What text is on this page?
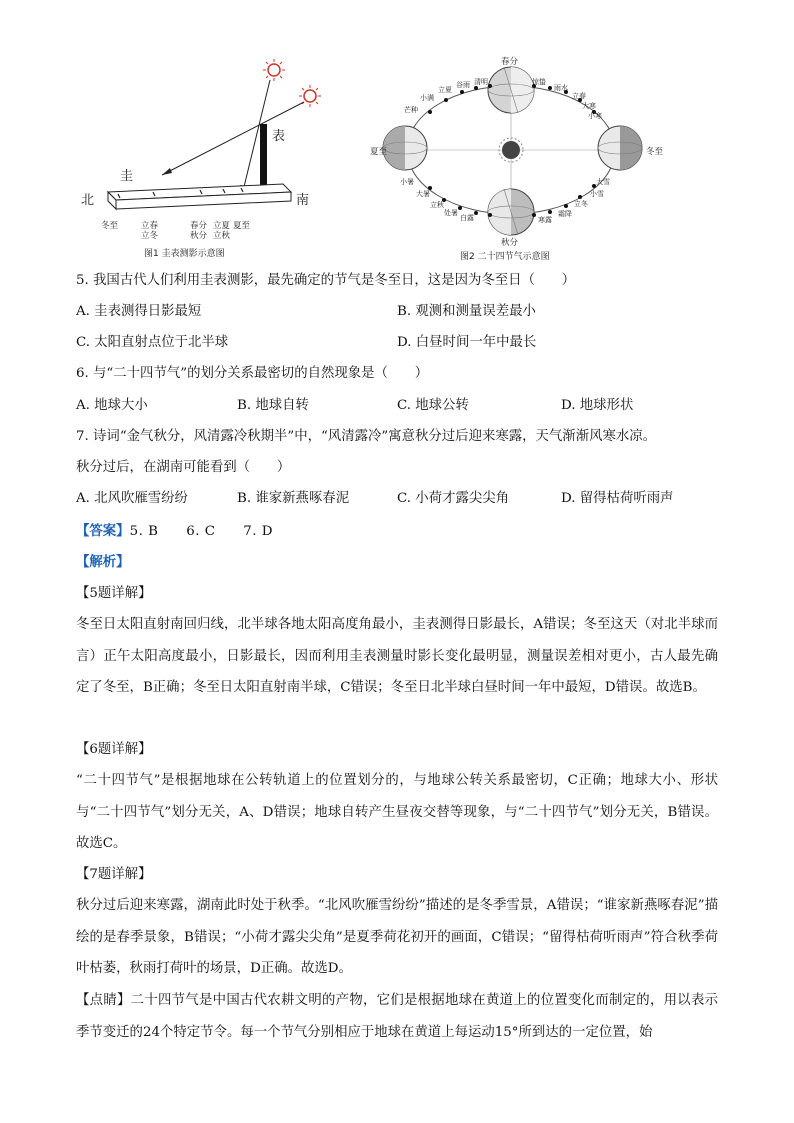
表
圭
北	南
冬至	立春
立冬
春分
秋分
立夏
立秋
夏至
图1 圭表测影示意图
春分
夏至	冬至
秋分
芒种
小满
立夏
谷雨 清明	惊蛰
雨水
立春
大寒
小寒
小暑
大暑
立秋
处暑
白露	寒露
霜降
立冬
小雪
大雪
图2 二十四节气示意图
5. 我国古代人们利用圭表测影，最先确定的节气是冬至日，这是因为冬至日（　　）
A. 圭表测得日影最短	B. 观测和测量误差最小
C. 太阳直射点位于北半球	D. 白昼时间一年中最长
6. 与“二十四节气”的划分关系最密切的自然现象是（　　）
A. 地球大小	B. 地球自转	C. 地球公转	D. 地球形状
7. 诗词“金气秋分，风清露冷秋期半”中，“风清露冷”寓意秋分过后迎来寒露，天气渐渐风寒水凉。
秋分过后，在湖南可能看到（　　）
A. 北风吹雁雪纷纷	B. 谁家新燕啄春泥	C. 小荷才露尖尖角	D. 留得枯荷听雨声
【答案】5. B　　6. C　　7. D
【解析】
【5题详解】
冬至日太阳直射南回归线，北半球各地太阳高度角最小，圭表测得日影最长，A错误；冬至这天（对北半球而言）正午太阳高度最小，日影最长，因而利用圭表测量时影长变化最明显，测量误差相对更小，古人最先确定了冬至，B正确；冬至日太阳直射南半球，C错误；冬至日北半球白昼时间一年中最短，D错误。故选B。
【6题详解】
“二十四节气”是根据地球在公转轨道上的位置划分的，与地球公转关系最密切，C正确；地球大小、形状与“二十四节气”划分无关，A、D错误；地球自转产生昼夜交替等现象，与“二十四节气”划分无关，B错误。故选C。
【7题详解】
秋分过后迎来寒露，湖南此时处于秋季。“北风吹雁雪纷纷”描述的是冬季雪景，A错误；“谁家新燕啄春泥”描绘的是春季景象，B错误；“小荷才露尖尖角”是夏季荷花初开的画面，C错误；“留得枯荷听雨声”符合秋季荷叶枯萎，秋雨打荷叶的场景，D正确。故选D。
【点睛】二十四节气是中国古代农耕文明的产物，它们是根据地球在黄道上的位置变化而制定的，用以表示季节变迁的24个特定节令。每一个节气分别相应于地球在黄道上每运动15°所到达的一定位置，始
